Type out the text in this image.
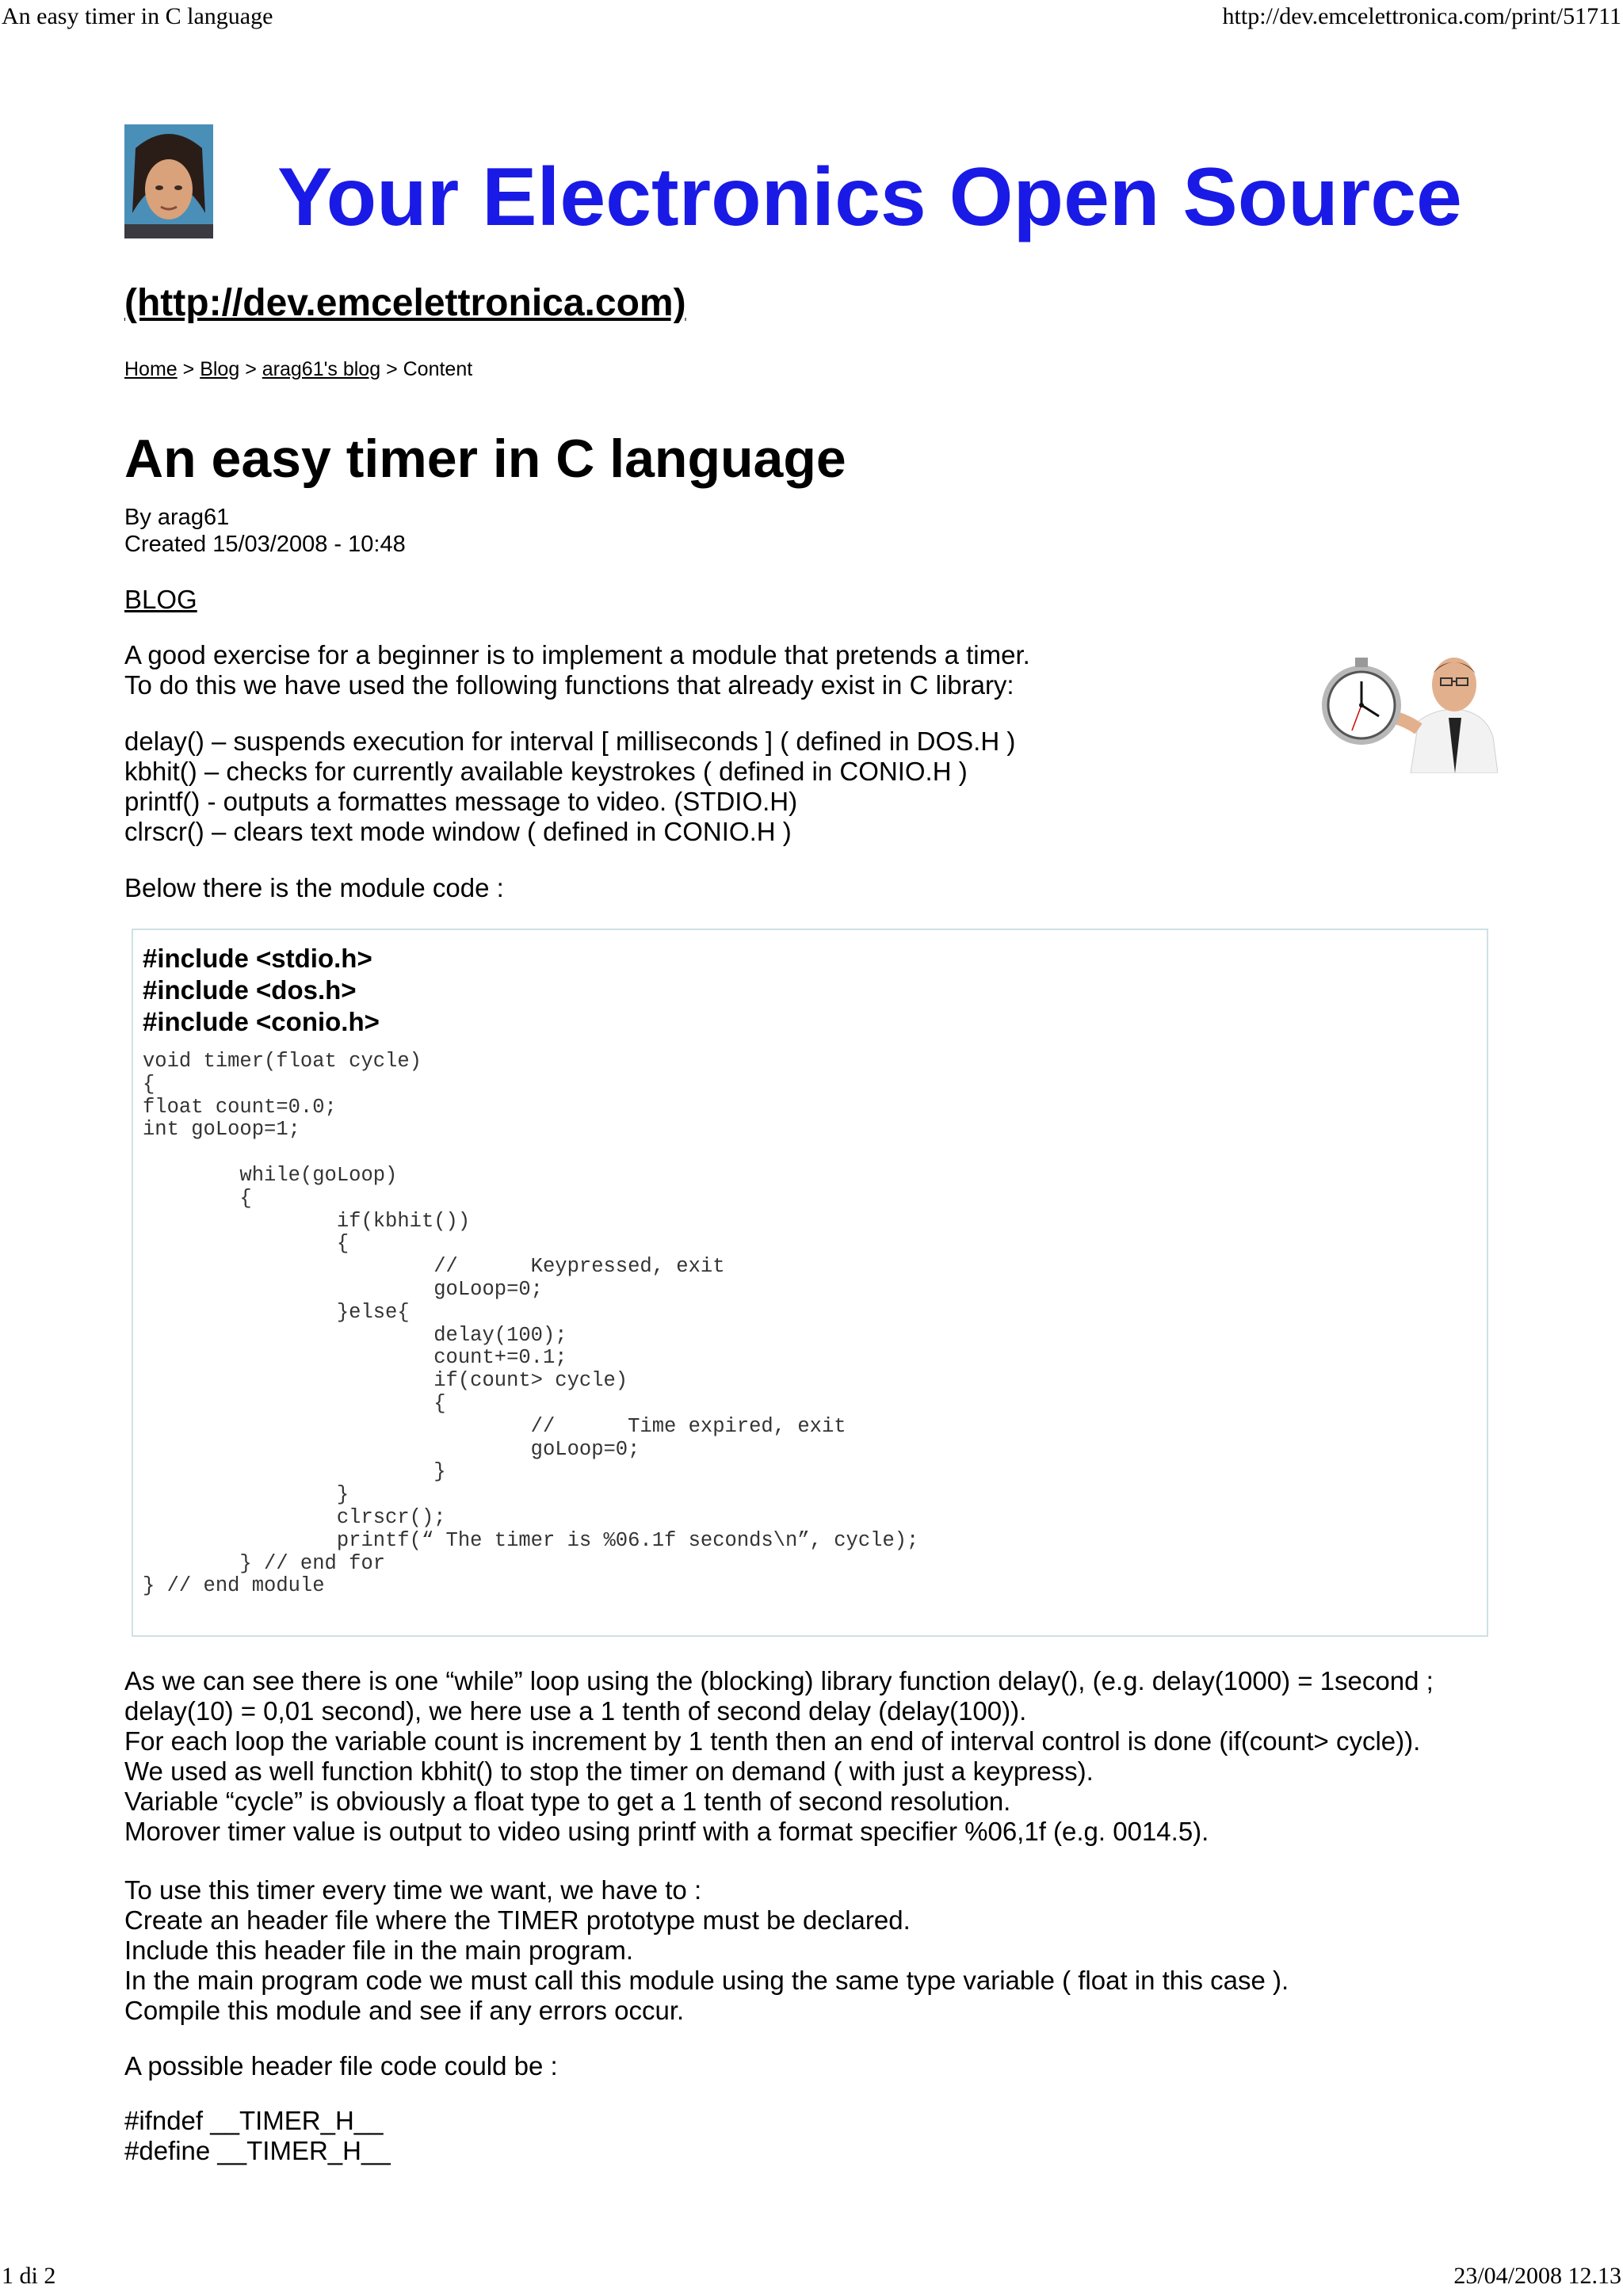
An easy timer in C language	http://dev.emcelettronica.com/print/51711
Your Electronics Open Source
(http://dev.emcelettronica.com)
Home > Blog > arag61's blog > Content
An easy timer in C language
By arag61
Created 15/03/2008 - 10:48
BLOG
A good exercise for a beginner is to implement a module that pretends a timer.
To do this we have used the following functions that already exist in C library:
delay() – suspends execution for interval [ milliseconds ] ( defined in DOS.H )
kbhit() – checks for currently available keystrokes ( defined in CONIO.H )
printf() - outputs a formattes message to video. (STDIO.H)
clrscr() – clears text mode window ( defined in CONIO.H )
Below there is the module code :
#include <stdio.h>
#include <dos.h>
#include <conio.h>
void timer(float cycle)
{
float count=0.0;
int goLoop=1;

while(goLoop)
{
if(kbhit())
{
//      Keypressed, exit
goLoop=0;
}else{
delay(100);
count+=0.1;
if(count> cycle)
{
//      Time expired, exit
goLoop=0;
}
}
clrscr();
printf(“ The timer is %06.1f seconds\n”, cycle);
} // end for
} // end module
As we can see there is one “while” loop using the (blocking) library function delay(), (e.g. delay(1000) = 1second ;
delay(10) = 0,01 second), we here use a 1 tenth of second delay (delay(100)).
For each loop the variable count is increment by 1 tenth then an end of interval control is done (if(count> cycle)).
We used as well function kbhit() to stop the timer on demand ( with just a keypress).
Variable “cycle” is obviously a float type to get a 1 tenth of second resolution.
Morover timer value is output to video using printf with a format specifier %06,1f (e.g. 0014.5).
To use this timer every time we want, we have to :
Create an header file where the TIMER prototype must be declared.
Include this header file in the main program.
In the main program code we must call this module using the same type variable ( float in this case ).
Compile this module and see if any errors occur.
A possible header file code could be :
#ifndef __TIMER_H__
#define __TIMER_H__
1 di 2	23/04/2008 12.13
